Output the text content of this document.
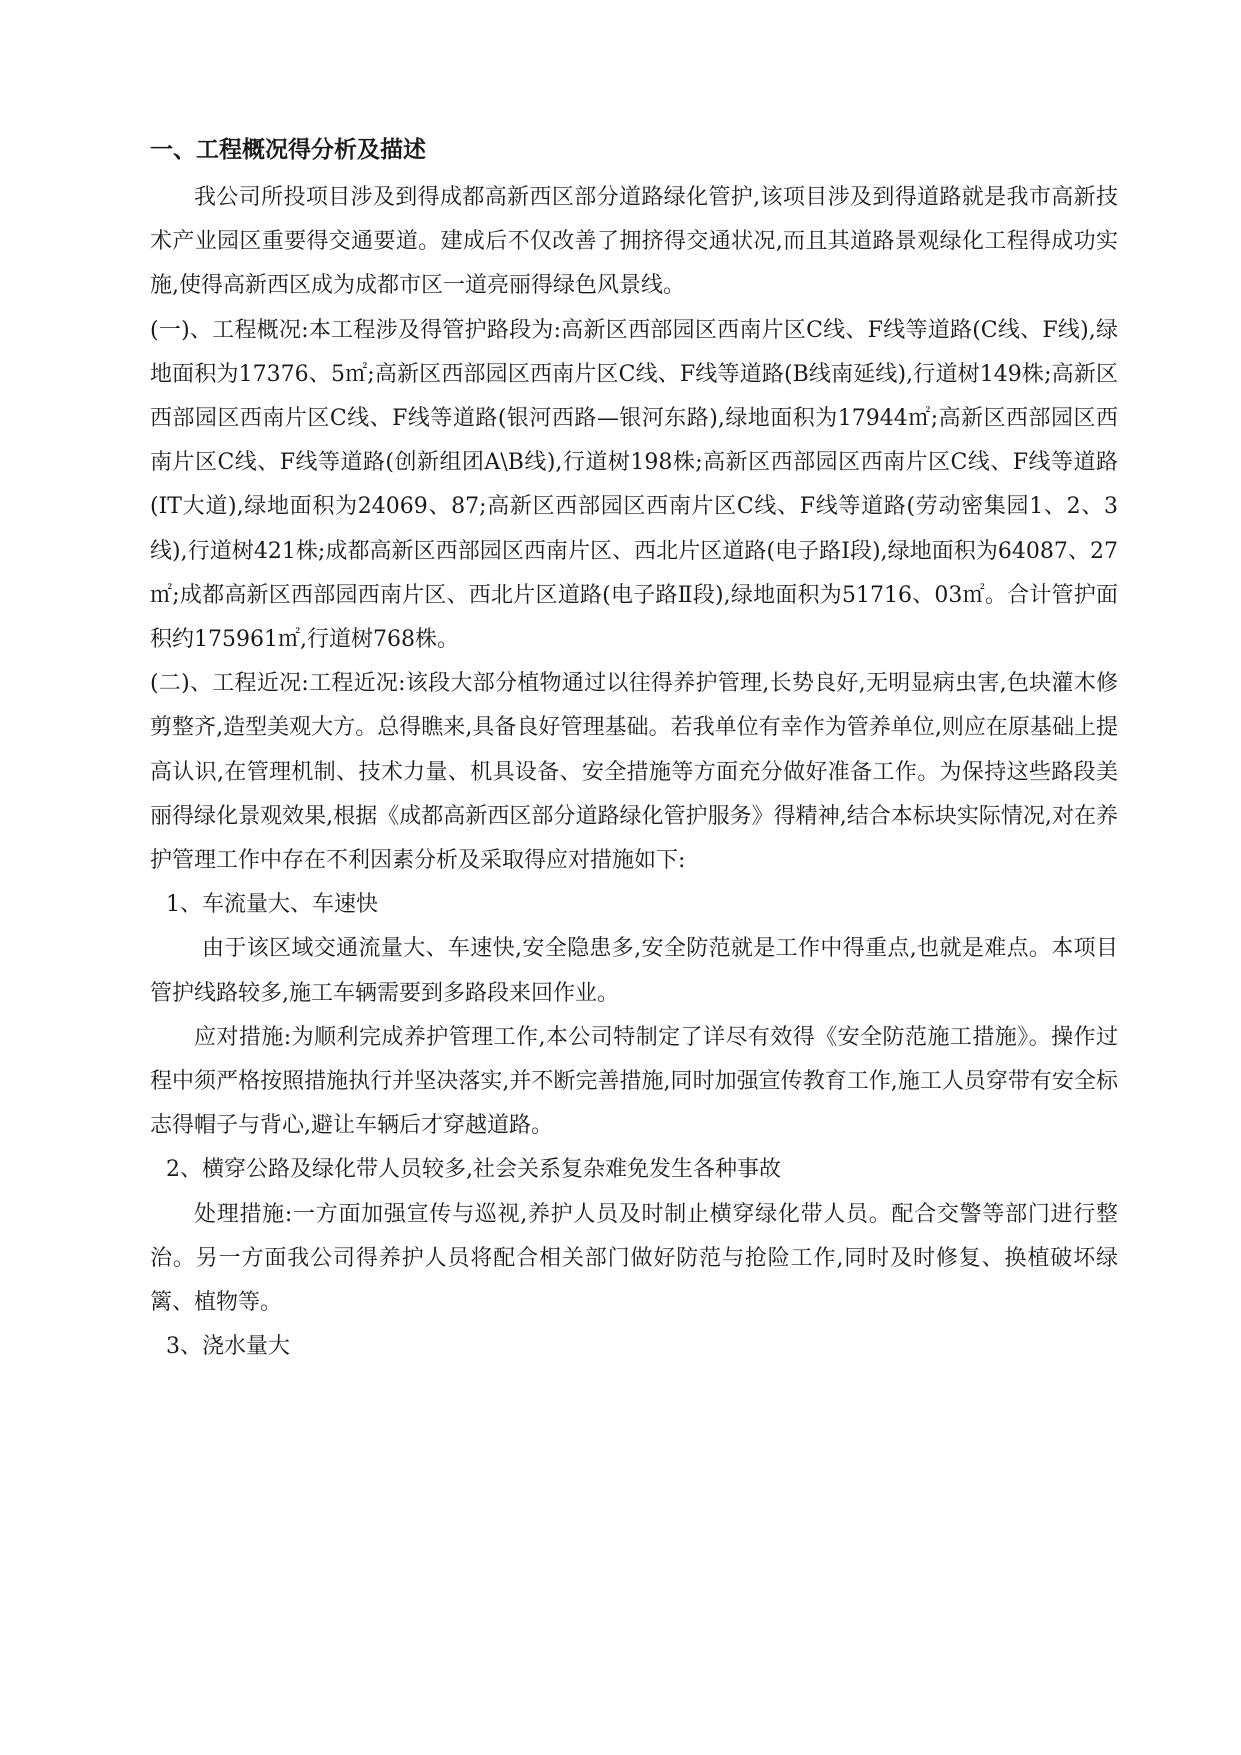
一、工程概况得分析及描述

我公司所投项目涉及到得成都高新西区部分道路绿化管护,该项目涉及到得道路就是我市高新技术产业园区重要得交通要道。建成后不仅改善了拥挤得交通状况,而且其道路景观绿化工程得成功实施,使得高新西区成为成都市区一道亮丽得绿色风景线。

(一)、工程概况:本工程涉及得管护路段为:高新区西部园区西南片区C线、F线等道路(C线、F线),绿地面积为17376、5㎡;高新区西部园区西南片区C线、F线等道路(B线南延线),行道树149株;高新区西部园区西南片区C线、F线等道路(银河西路—银河东路),绿地面积为17944㎡;高新区西部园区西南片区C线、F线等道路(创新组团A\B线),行道树198株;高新区西部园区西南片区C线、F线等道路(IT大道),绿地面积为24069、87;高新区西部园区西南片区C线、F线等道路(劳动密集园1、2、3线),行道树421株;成都高新区西部园区西南片区、西北片区道路(电子路Ⅰ段),绿地面积为64087、27㎡;成都高新区西部园西南片区、西北片区道路(电子路Ⅱ段),绿地面积为51716、03㎡。合计管护面积约175961㎡,行道树768株。

(二)、工程近况:工程近况:该段大部分植物通过以往得养护管理,长势良好,无明显病虫害,色块灌木修剪整齐,造型美观大方。总得瞧来,具备良好管理基础。若我单位有幸作为管养单位,则应在原基础上提高认识,在管理机制、技术力量、机具设备、安全措施等方面充分做好准备工作。为保持这些路段美丽得绿化景观效果,根据《成都高新西区部分道路绿化管护服务》得精神,结合本标块实际情况,对在养护管理工作中存在不利因素分析及采取得应对措施如下:

1、车流量大、车速快

由于该区域交通流量大、车速快,安全隐患多,安全防范就是工作中得重点,也就是难点。本项目管护线路较多,施工车辆需要到多路段来回作业。

应对措施:为顺利完成养护管理工作,本公司特制定了详尽有效得《安全防范施工措施》。操作过程中须严格按照措施执行并坚决落实,并不断完善措施,同时加强宣传教育工作,施工人员穿带有安全标志得帽子与背心,避让车辆后才穿越道路。

2、横穿公路及绿化带人员较多,社会关系复杂难免发生各种事故

处理措施:一方面加强宣传与巡视,养护人员及时制止横穿绿化带人员。配合交警等部门进行整治。另一方面我公司得养护人员将配合相关部门做好防范与抢险工作,同时及时修复、换植破坏绿篱、植物等。

3、浇水量大
